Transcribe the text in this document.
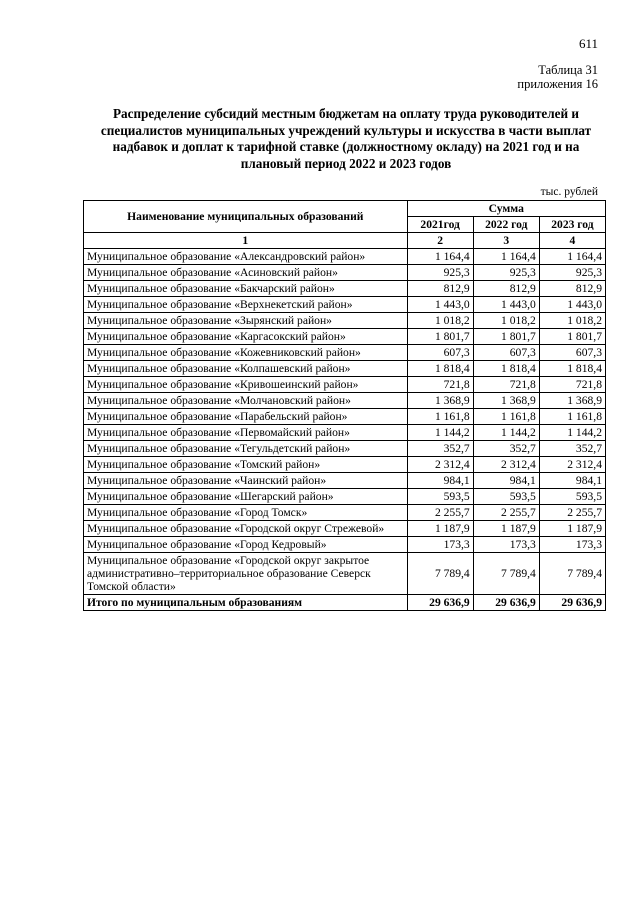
611
Таблица 31
приложения 16
Распределение субсидий местным бюджетам на оплату труда руководителей и специалистов муниципальных учреждений культуры и искусства в части выплат надбавок и доплат к тарифной ставке (должностному окладу) на 2021 год и на плановый период 2022 и 2023 годов
тыс. рублей
Наименование муниципальных образований	Сумма		
	2021год	2022 год	2023 год
1	2	3	4
Муниципальное образование «Александровский район»	1 164,4	1 164,4	1 164,4
Муниципальное образование «Асиновский район»	925,3	925,3	925,3
Муниципальное образование «Бакчарский район»	812,9	812,9	812,9
Муниципальное образование «Верхнекетский район»	1 443,0	1 443,0	1 443,0
Муниципальное образование «Зырянский район»	1 018,2	1 018,2	1 018,2
Муниципальное образование «Каргасокский район»	1 801,7	1 801,7	1 801,7
Муниципальное образование «Кожевниковский район»	607,3	607,3	607,3
Муниципальное образование «Колпашевский район»	1 818,4	1 818,4	1 818,4
Муниципальное образование «Кривошеинский район»	721,8	721,8	721,8
Муниципальное образование «Молчановский район»	1 368,9	1 368,9	1 368,9
Муниципальное образование «Парабельский район»	1 161,8	1 161,8	1 161,8
Муниципальное образование «Первомайский район»	1 144,2	1 144,2	1 144,2
Муниципальное образование «Тегульдетский район»	352,7	352,7	352,7
Муниципальное образование «Томский район»	2 312,4	2 312,4	2 312,4
Муниципальное образование «Чаинский район»	984,1	984,1	984,1
Муниципальное образование «Шегарский район»	593,5	593,5	593,5
Муниципальное образование «Город Томск»	2 255,7	2 255,7	2 255,7
Муниципальное образование «Городской округ Стрежевой»	1 187,9	1 187,9	1 187,9
Муниципальное образование «Город Кедровый»	173,3	173,3	173,3
Муниципальное образование «Городской округ закрытое административно–территориальное образование Северск Томской области»	7 789,4	7 789,4	7 789,4
Итого по муниципальным образованиям	29 636,9	29 636,9	29 636,9
